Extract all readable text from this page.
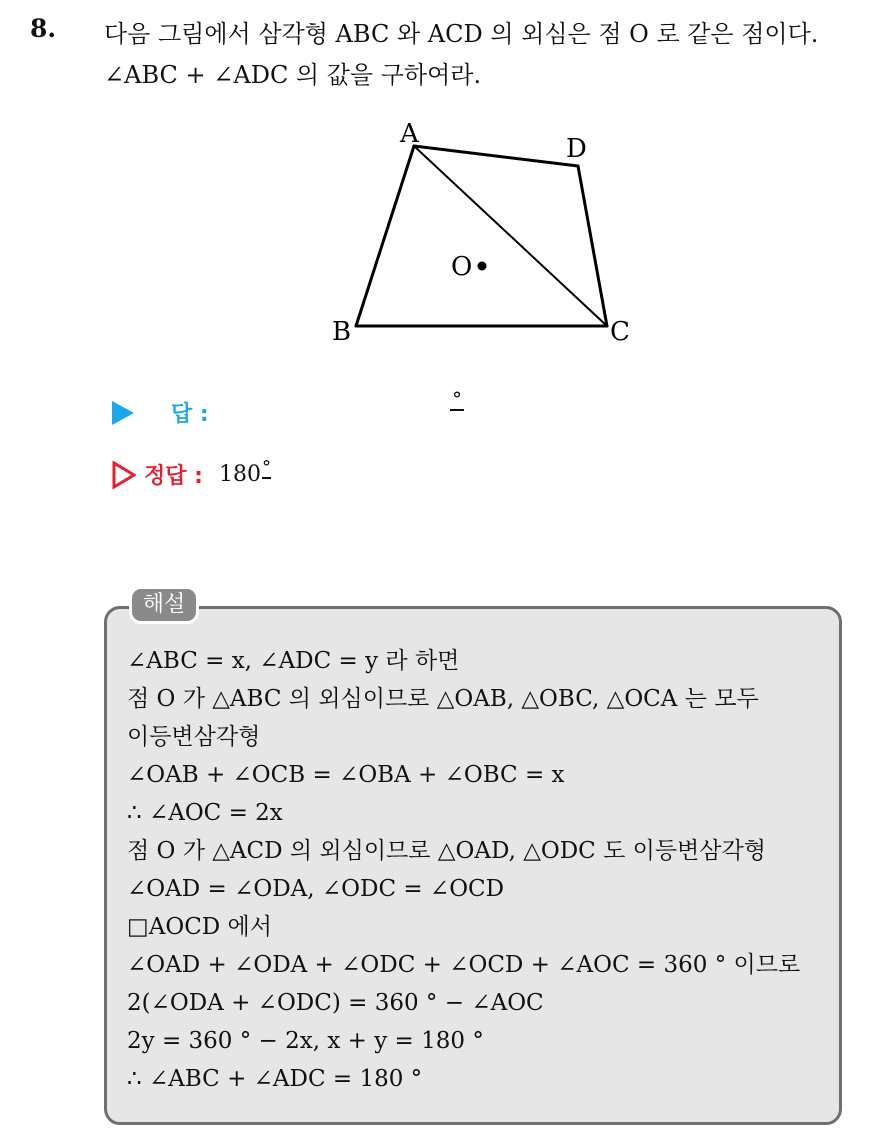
8. 다음 그림에서 삼각형 ABC 와 ACD 의 외심은 점 O 로 같은 점이다.
∠ABC + ∠ADC 의 값을 구하여라.
A	D
O
B	C
답 :
°
정답 : 180 °
해설
∠ABC = x, ∠ADC = y 라 하면
점 O 가 △ABC 의 외심이므로 △OAB, △OBC, △OCA 는 모두
이등변삼각형
∠OAB + ∠OCB = ∠OBA + ∠OBC = x
∴ ∠AOC = 2x
점 O 가 △ACD 의 외심이므로 △OAD, △ODC 도 이등변삼각형
∠OAD = ∠ODA, ∠ODC = ∠OCD
□AOCD 에서
∠OAD + ∠ODA + ∠ODC + ∠OCD + ∠AOC = 360 ° 이므로
2(∠ODA + ∠ODC) = 360 ° − ∠AOC
2y = 360 ° − 2x, x + y = 180 °
∴ ∠ABC + ∠ADC = 180 °
